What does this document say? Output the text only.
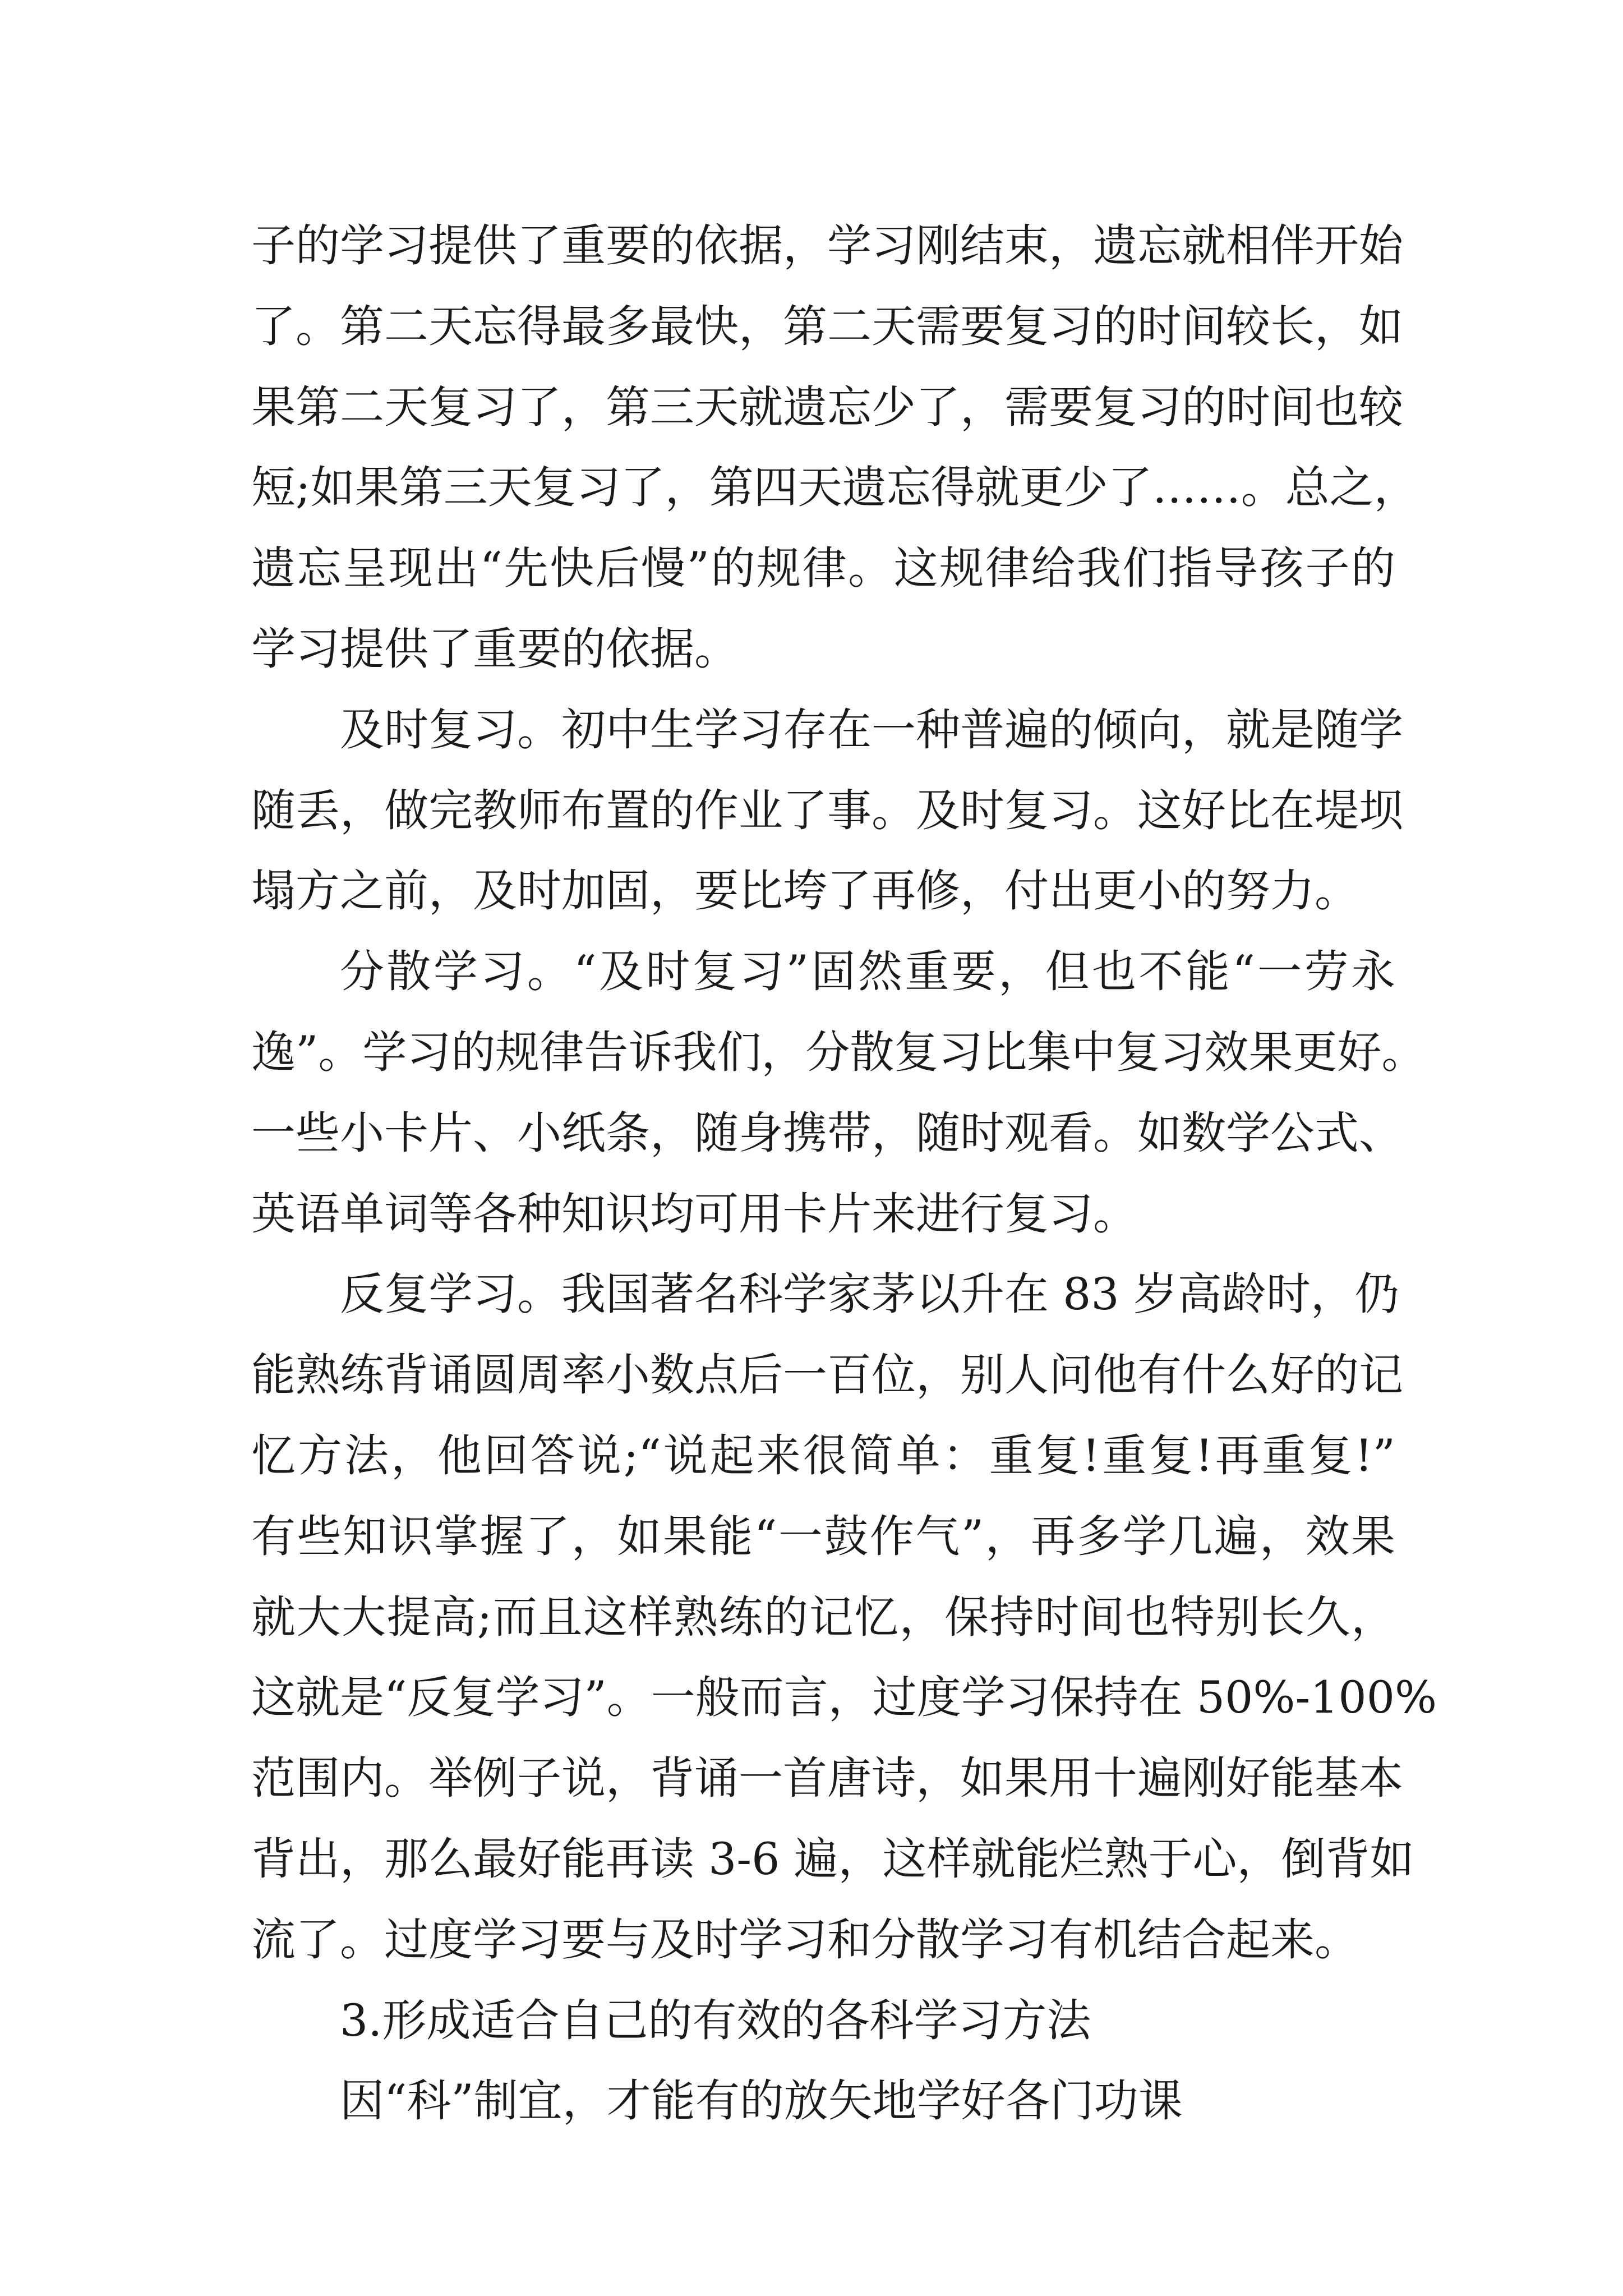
子的学习提供了重要的依据，学习刚结束，遗忘就相伴开始
了。第二天忘得最多最快，第二天需要复习的时间较长，如
果第二天复习了，第三天就遗忘少了，需要复习的时间也较
短;如果第三天复习了，第四天遗忘得就更少了……。总之，
遗忘呈现出“先快后慢”的规律。这规律给我们指导孩子的
学习提供了重要的依据。
及时复习。初中生学习存在一种普遍的倾向，就是随学
随丢，做完教师布置的作业了事。及时复习。这好比在堤坝
塌方之前，及时加固，要比垮了再修，付出更小的努力。
分散学习。“及时复习”固然重要，但也不能“一劳永
逸”。学习的规律告诉我们，分散复习比集中复习效果更好。
一些小卡片、小纸条，随身携带，随时观看。如数学公式、
英语单词等各种知识均可用卡片来进行复习。
反复学习。我国著名科学家茅以升在 83 岁高龄时，仍
能熟练背诵圆周率小数点后一百位，别人问他有什么好的记
忆方法，他回答说;“说起来很简单：重复!重复!再重复!”
有些知识掌握了，如果能“一鼓作气”，再多学几遍，效果
就大大提高;而且这样熟练的记忆，保持时间也特别长久，
这就是“反复学习”。一般而言，过度学习保持在 50%-100%
范围内。举例子说，背诵一首唐诗，如果用十遍刚好能基本
背出，那么最好能再读 3-6 遍，这样就能烂熟于心，倒背如
流了。过度学习要与及时学习和分散学习有机结合起来。
3.形成适合自己的有效的各科学习方法
因“科”制宜，才能有的放矢地学好各门功课
